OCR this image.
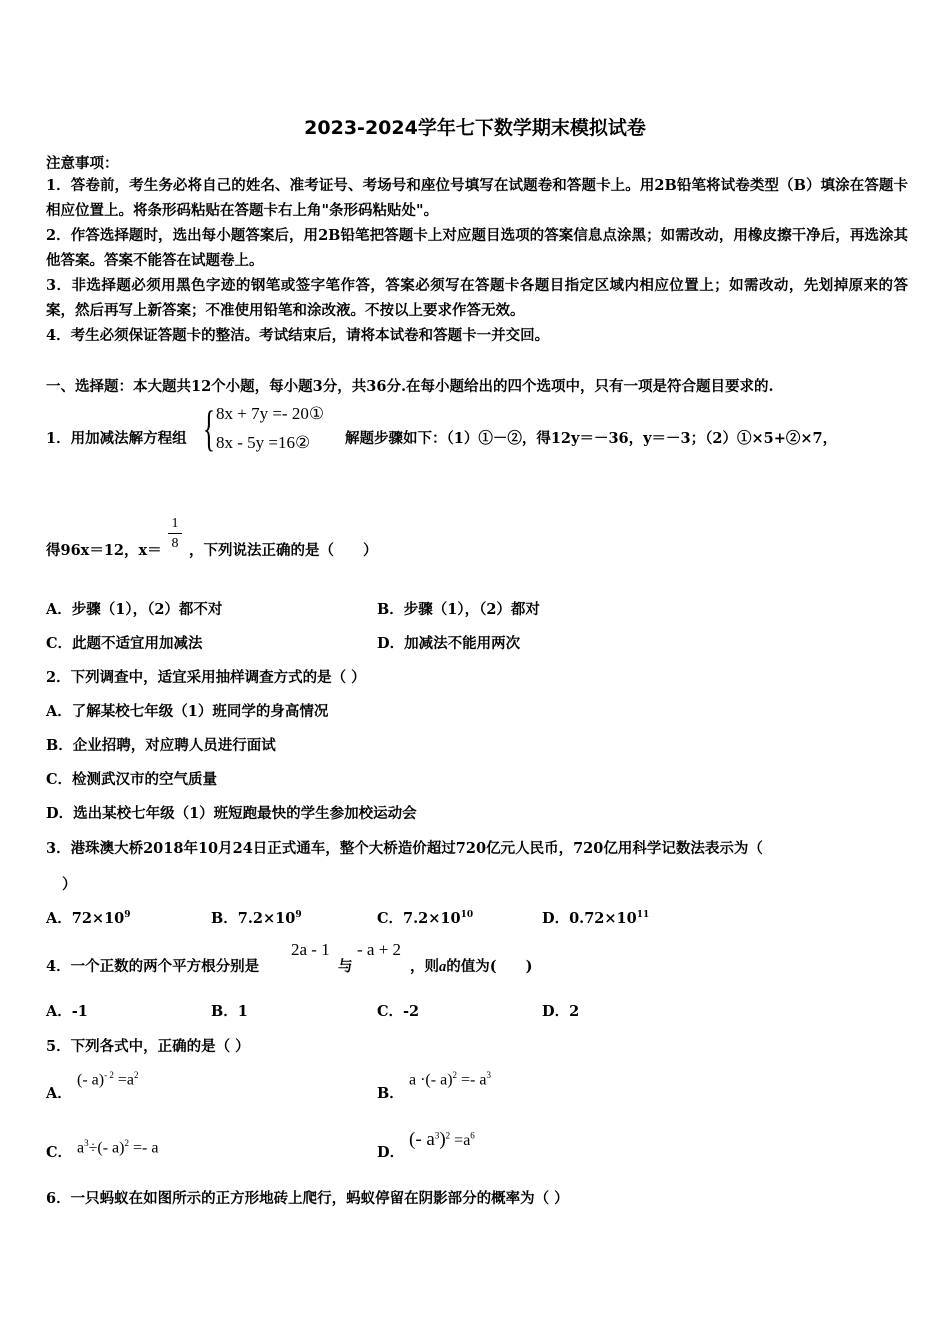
2023-2024学年七下数学期末模拟试卷
注意事项：
1．答卷前，考生务必将自己的姓名、准考证号、考场号和座位号填写在试题卷和答题卡上。用2B铅笔将试卷类型（B）填涂在答题卡相应位置上。将条形码粘贴在答题卡右上角"条形码粘贴处"。
2．作答选择题时，选出每小题答案后，用2B铅笔把答题卡上对应题目选项的答案信息点涂黑；如需改动，用橡皮擦干净后，再选涂其他答案。答案不能答在试题卷上。
3．非选择题必须用黑色字迹的钢笔或签字笔作答，答案必须写在答题卡各题目指定区域内相应位置上；如需改动，先划掉原来的答案，然后再写上新答案；不准使用铅笔和涂改液。不按以上要求作答无效。
4．考生必须保证答题卡的整洁。考试结束后，请将本试卷和答题卡一并交回。
一、选择题：本大题共12个小题，每小题3分，共36分.在每小题给出的四个选项中，只有一项是符合题目要求的.
1．用加减法解方程组 { 8x + 7y =- 20①
8x - 5y =16② 解题步骤如下：（1）①－②，得12y＝－36，y＝－3；（2）①×5+②×7，
得96x＝12，$x= \frac{1}{8}$ ，下列说法正确的是（　　）
A．步骤（1），（2）都不对	B．步骤（1），（2）都对
C．此题不适宜用加减法	D．加减法不能用两次
2．下列调查中，适宜采用抽样调查方式的是（ ）
A．了解某校七年级（1）班同学的身高情况
B．企业招聘，对应聘人员进行面试
C．检测武汉市的空气质量
D．选出某校七年级（1）班短跑最快的学生参加校运动会
3．港珠澳大桥2018年10月24日正式通车，整个大桥造价超过720亿元人民币，720亿用科学记数法表示为（
）
A．$72\times 10^9$	B．$7.2\times 10^9$	C．$7.2\times 10^{10}$	D．$0.72\times 10^{11}$
4．一个正数的两个平方根分别是
2a - 1
与
- a + 2
，则a的值为(　　)
A．-1	B．1	C．-2	D．2
5．下列各式中，正确的是（ ）
A．
(- $a)^{- 2} =a^2$
B．
a ·(- $a)^2 =- a^3$
C． $a^3\div(-$ a)$^2$ =- a	D．
(- $a^3)^2 =a^6$
6．一只蚂蚁在如图所示的正方形地砖上爬行，蚂蚁停留在阴影部分的概率为（ ）
